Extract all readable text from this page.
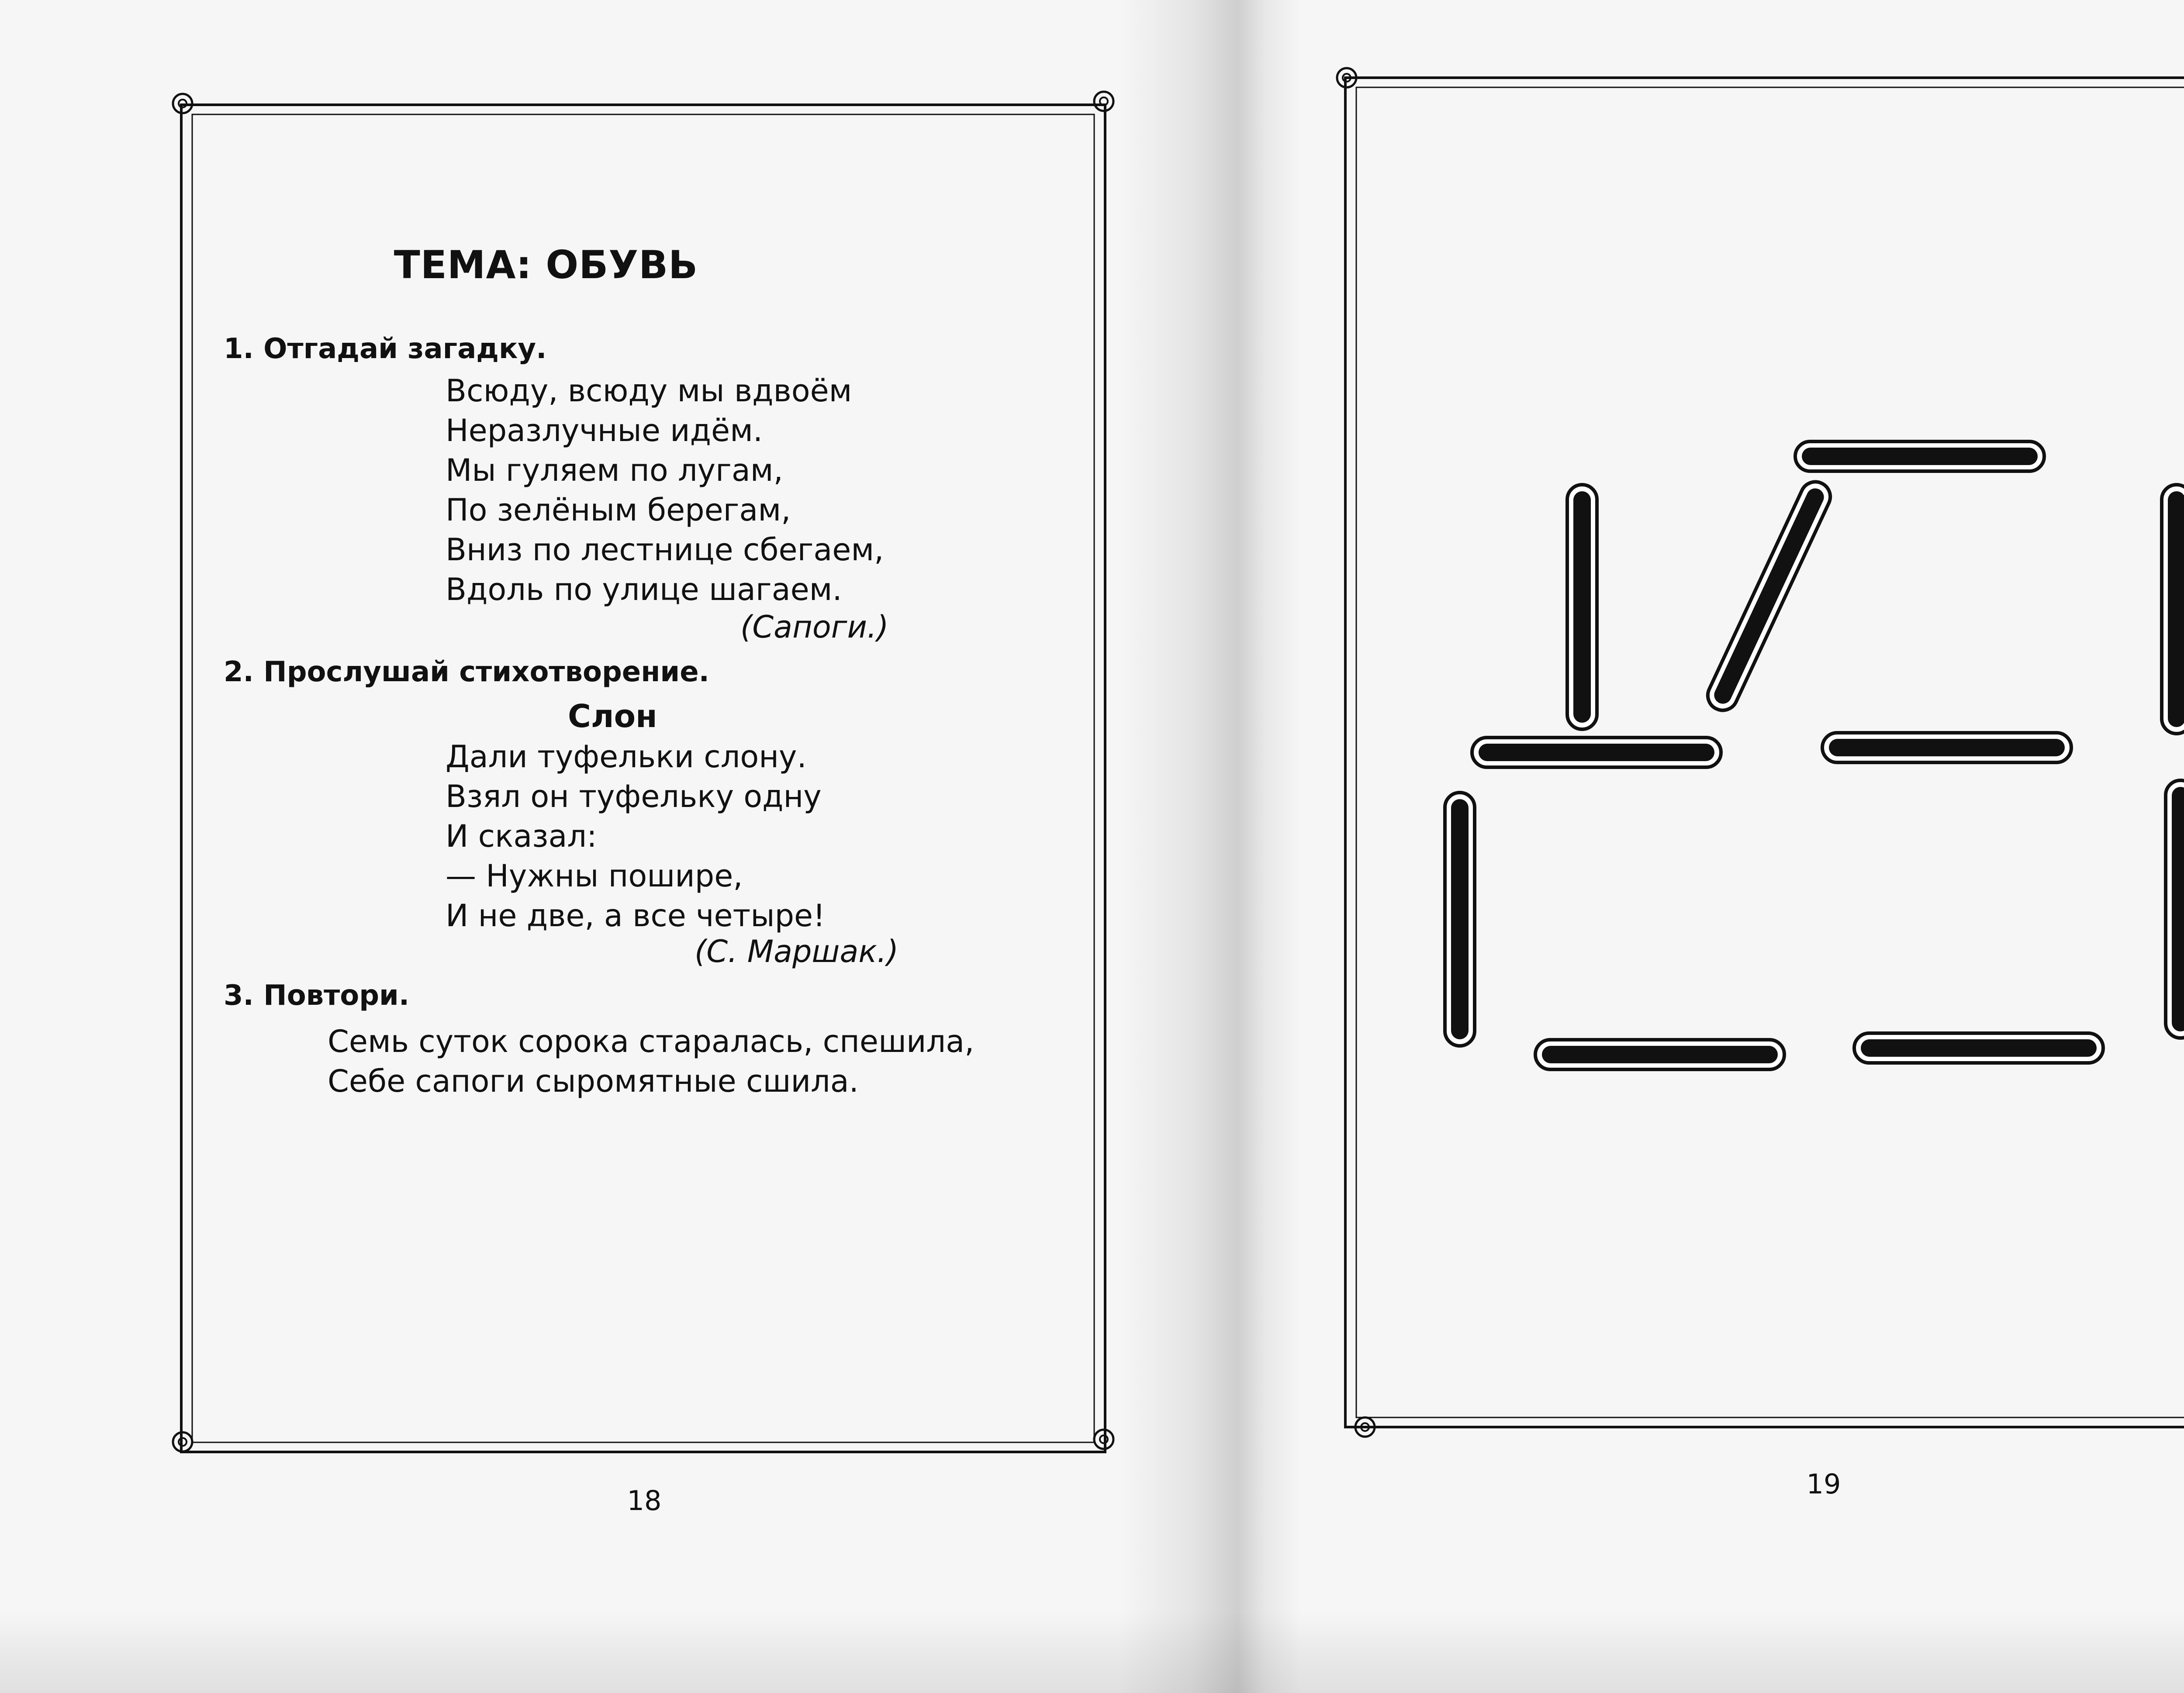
ТЕМА: ОБУВЬ
1. Отгадай загадку.
Всюду, всюду мы вдвоём
Неразлучные идём.
Мы гуляем по лугам,
По зелёным берегам,
Вниз по лестнице сбегаем,
Вдоль по улице шагаем.
(Сапоги.)
2. Прослушай стихотворение.
Слон
Дали туфельки слону.
Взял он туфельку одну
И сказал:
— Нужны пошире,
И не две, а все четыре!
(С. Маршак.)
3. Повтори.
Семь суток сорока старалась, спешила,
Себе сапоги сыромятные сшила.
18
19
